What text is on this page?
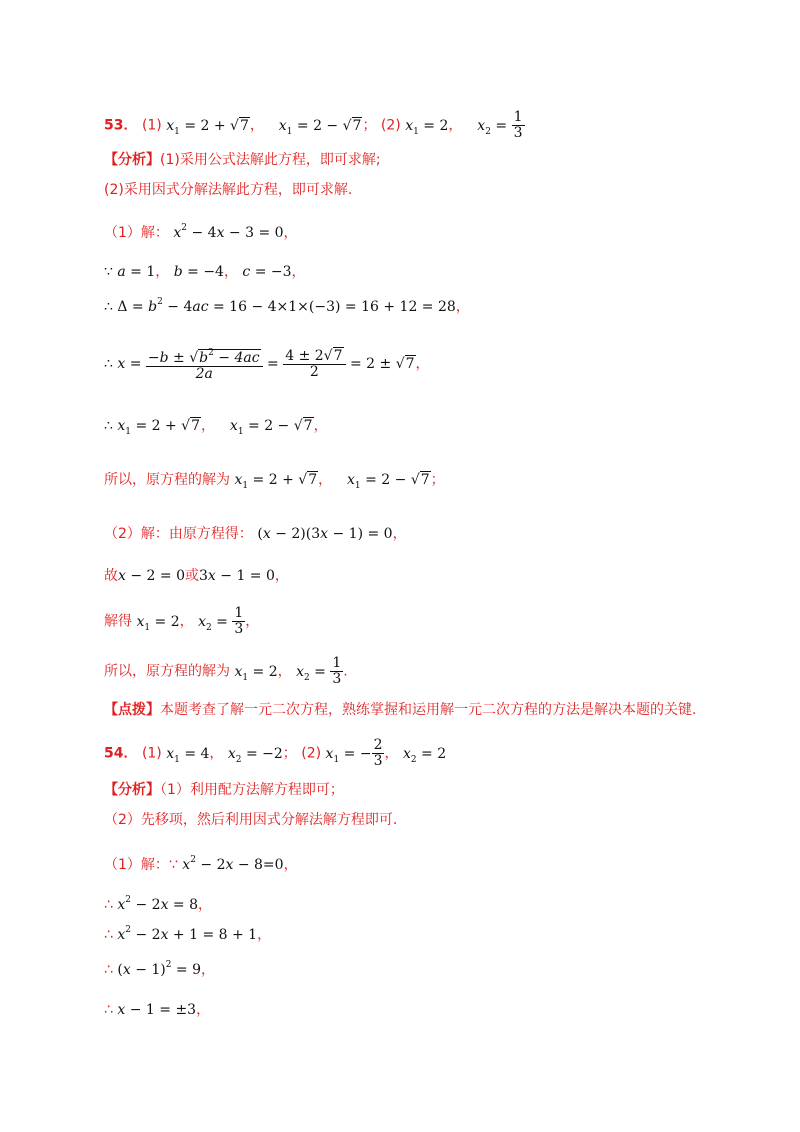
53． (1) $x_1 = 2 + √7$， $x_1 = 2 - √7$； (2) $x_1 = 2$， $x_2 = \frac{1}{3}$
【分析】(1)采用公式法解此方程，即可求解;
(2)采用因式分解法解此方程，即可求解.
（1）解： $x^2 - 4x - 3 = 0$，
∵ a = 1， b = −4， c = −3，
∴ $\Delta = b^2 - 4ac = 16 - 4\times 1\times(-3) = 16 + 12 = 28$，
∴ $x = \frac{-b \pm √b^2 - 4ac}{2a} = \frac{4 \pm 2√7}{2} = 2 \pm √7$，
∴ $x_1 = 2 + √7$， $x_1 = 2 - √7$，
所以，原方程的解为 $x_1 = 2 + √7$， $x_1 = 2 - √7$；
（2）解：由原方程得： (x − 2)(3x − 1) = 0，
故x − 2 = 0或3x − 1 = 0，
解得 $x_1 = 2$， $x_2 = \frac{1}{3}$ ，
所以，原方程的解为 $x_1 = 2$， $x_2 = \frac{1}{3}$ .
【点拨】本题考查了解一元二次方程，熟练掌握和运用解一元二次方程的方法是解决本题的关键.
54． (1) $x_1 = 4$， $x_2 = -2$； (2) $x_1$ = − $\frac{2}{3}$ ， $x_2 = 2$
【分析】（1）利用配方法解方程即可；
（2）先移项，然后利用因式分解法解方程即可.
（1）解：∵ $x^2 - 2x - 8=0$，
∴ $x^2 - 2x = 8$，
∴ $x^2 - 2x + 1 = 8 + 1$，
∴ $(x - 1)^2 = 9$，
∴ x − 1 = ±3，
